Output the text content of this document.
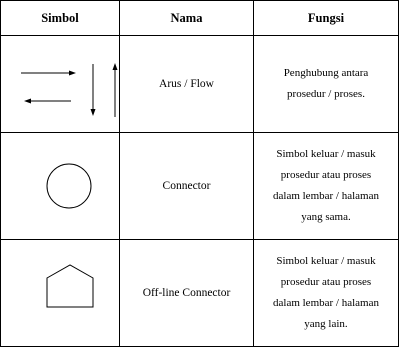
Simbol	Nama	Fungsi

	Arus / Flow	Penghubung antara
prosedur / proses.

	Connector	Simbol keluar / masuk
prosedur atau proses
dalam lembar / halaman
yang sama.

	Off-line Connector	Simbol keluar / masuk
prosedur atau proses
dalam lembar / halaman
yang lain.
